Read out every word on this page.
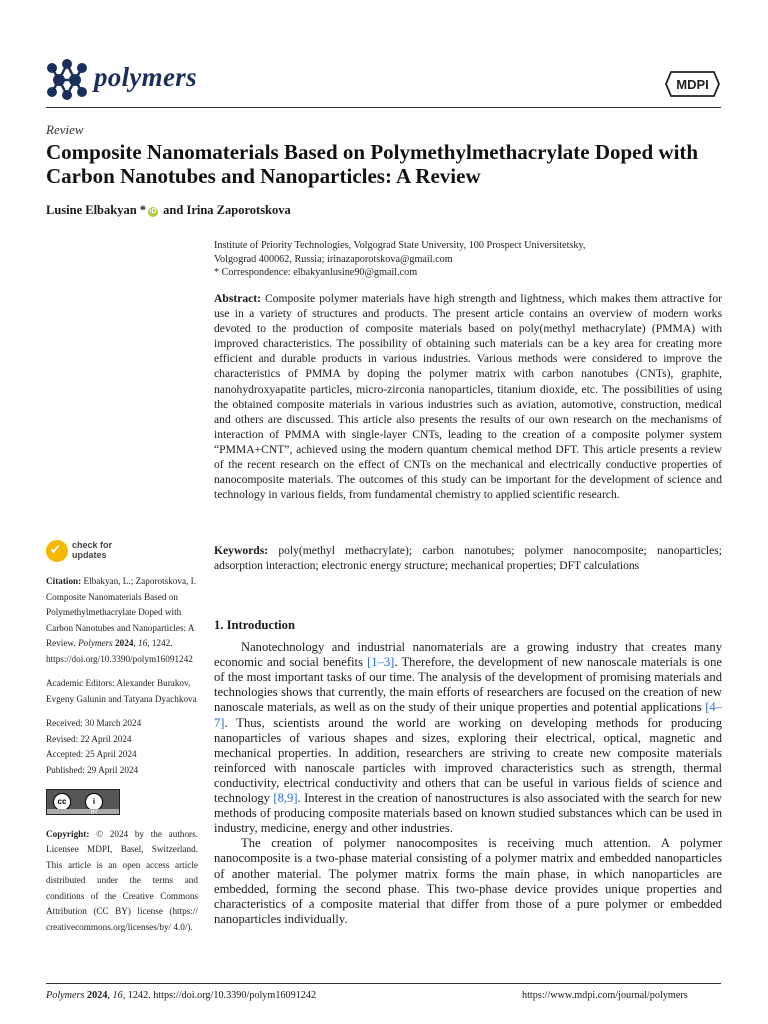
polymers	MDPI
Review
Composite Nanomaterials Based on Polymethylmethacrylate Doped with Carbon Nanotubes and Nanoparticles: A Review
Lusine Elbakyan * iD and Irina Zaporotskova
Institute of Priority Technologies, Volgograd State University, 100 Prospect Universitetsky,
Volgograd 400062, Russia; irinazaporotskova@gmail.com
* Correspondence: elbakyanlusine90@gmail.com
Abstract: Composite polymer materials have high strength and lightness, which makes them attractive for use in a variety of structures and products. The present article contains an overview of modern works devoted to the production of composite materials based on poly(methyl methacrylate) (PMMA) with improved characteristics. The possibility of obtaining such materials can be a key area for creating more efficient and durable products in various industries. Various methods were considered to improve the characteristics of PMMA by doping the polymer matrix with carbon nanotubes (CNTs), graphite, nanohydroxyapatite particles, micro-zirconia nanoparticles, titanium dioxide, etc. The possibilities of using the obtained composite materials in various industries such as aviation, automotive, construction, medical and others are discussed. This article also presents the results of our own research on the mechanisms of interaction of PMMA with single-layer CNTs, leading to the creation of a composite polymer system “PMMA+CNT”, achieved using the modern quantum chemical method DFT. This article presents a review of the recent research on the effect of CNTs on the mechanical and electrically conductive properties of nanocomposite materials. The outcomes of this study can be important for the development of science and technology in various fields, from fundamental chemistry to applied scientific research.
Keywords: poly(methyl methacrylate); carbon nanotubes; polymer nanocomposite; nanoparticles; adsorption interaction; electronic energy structure; mechanical properties; DFT calculations
✔ check for
updates
Citation: Elbakyan, L.; Zaporotskova, I. Composite Nanomaterials Based on Polymethylmethacrylate Doped with Carbon Nanotubes and Nanoparticles: A Review. Polymers 2024, 16, 1242. https://doi.org/10.3390/polym16091242
Academic Editors: Alexander Burakov, Evgeny Galunin and Tatyana Dyachkova
Received: 30 March 2024
Revised: 22 April 2024
Accepted: 25 April 2024
Published: 29 April 2024
cc	i
BY
Copyright: © 2024 by the authors. Licensee MDPI, Basel, Switzerland. This article is an open access article distributed under the terms and conditions of the Creative Commons Attribution (CC BY) license (https:// creativecommons.org/licenses/by/ 4.0/).
1. Introduction

Nanotechnology and industrial nanomaterials are a growing industry that creates many economic and social benefits [1–3]. Therefore, the development of new nanoscale materials is one of the most important tasks of our time. The analysis of the development of promising materials and technologies shows that currently, the main efforts of researchers are focused on the creation of new nanoscale materials, as well as on the study of their unique properties and potential applications [4–7]. Thus, scientists around the world are working on developing methods for producing nanoparticles of various shapes and sizes, exploring their electrical, optical, magnetic and mechanical properties. In addition, researchers are striving to create new composite materials reinforced with nanoscale particles with improved characteristics such as strength, thermal conductivity, electrical conductivity and others that can be useful in various fields of science and technology [8,9]. Interest in the creation of nanostructures is also associated with the search for new methods of producing composite materials based on known studied substances which can be used in industry, medicine, energy and other industries.

The creation of polymer nanocomposites is receiving much attention. A polymer nanocomposite is a two-phase material consisting of a polymer matrix and embedded nanoparticles of another material. The polymer matrix forms the main phase, in which nanoparticles are embedded, forming the second phase. This two-phase device provides unique properties and characteristics of a composite material that differ from those of a pure polymer or embedded nanoparticles individually.

Polymers 2024, 16, 1242. https://doi.org/10.3390/polym16091242	https://www.mdpi.com/journal/polymers
